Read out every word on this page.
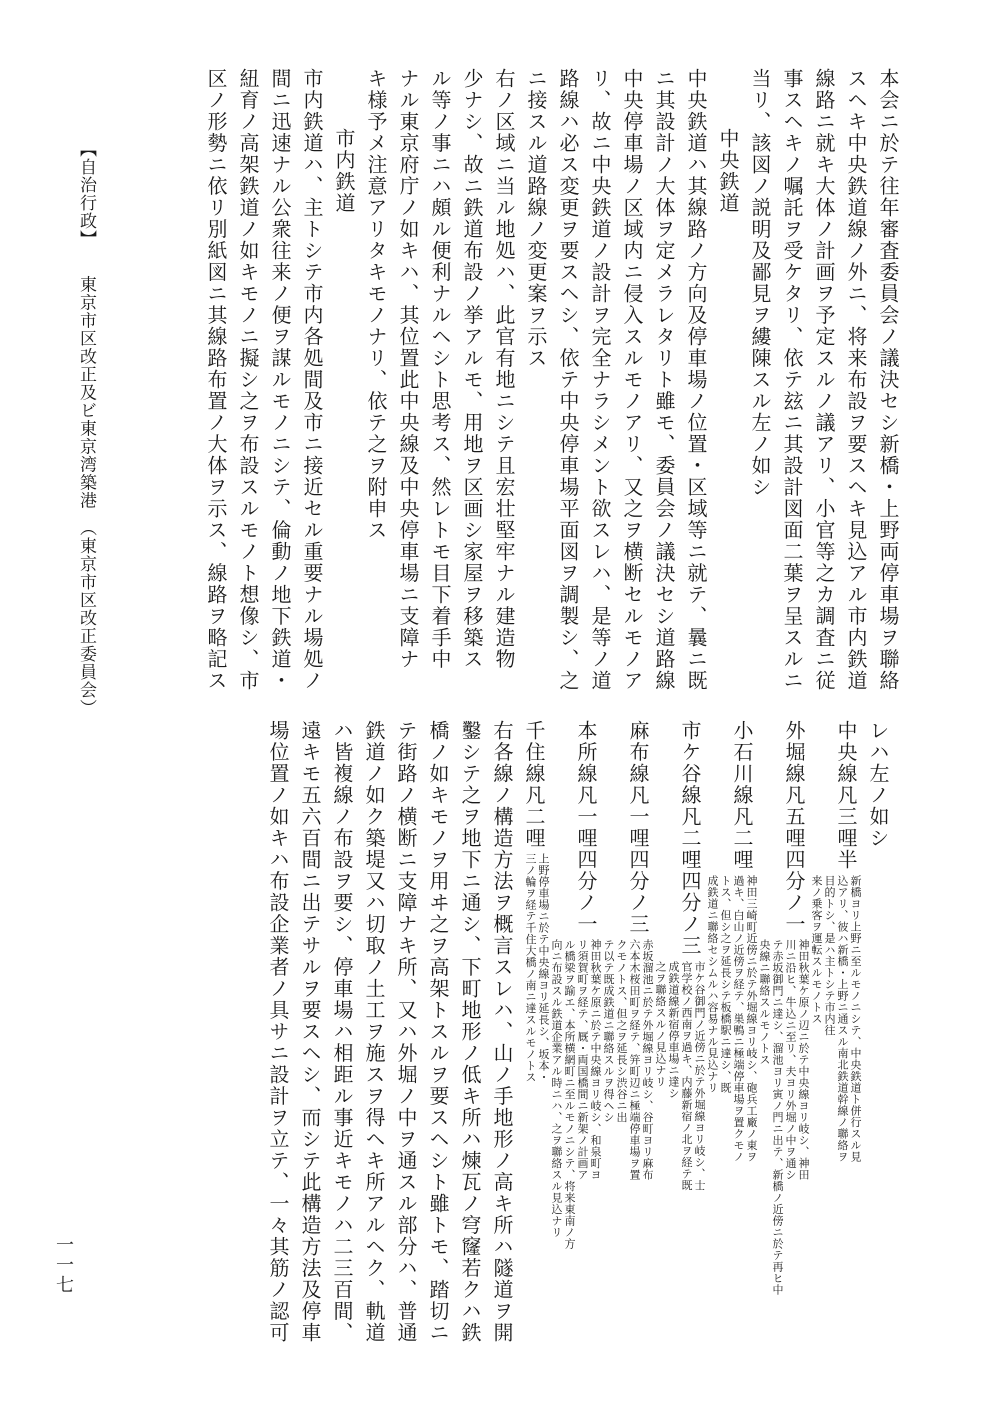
本会ニ於テ往年審査委員会ノ議決セシ新橋・上野両停車場ヲ聯絡
スヘキ中央鉄道線ノ外ニ、将来布設ヲ要スヘキ見込アル市内鉄道
線路ニ就キ大体ノ計画ヲ予定スルノ議アリ、小官等之カ調査ニ従
事スヘキノ嘱託ヲ受ケタリ、依テ玆ニ其設計図面二葉ヲ呈スルニ
当リ、該図ノ説明及鄙見ヲ縷陳スル左ノ如シ
中央鉄道
中央鉄道ハ其線路ノ方向及停車場ノ位置・区域等ニ就テ、曩ニ既
ニ其設計ノ大体ヲ定メラレタリト雖モ、委員会ノ議決セシ道路線
中央停車場ノ区域内ニ侵入スルモノアリ、又之ヲ横断セルモノア
リ、故ニ中央鉄道ノ設計ヲ完全ナラシメント欲スレハ、是等ノ道
路線ハ必ス変更ヲ要スヘシ、依テ中央停車場平面図ヲ調製シ、之
ニ接スル道路線ノ変更案ヲ示ス
右ノ区域ニ当ル地処ハ、此官有地ニシテ且宏壮堅牢ナル建造物
少ナシ、故ニ鉄道布設ノ挙アルモ、用地ヲ区画シ家屋ヲ移築ス
ル等ノ事ニハ頗ル便利ナルヘシト思考ス、然レトモ目下着手中
ナル東京府庁ノ如キハ、其位置此中央線及中央停車場ニ支障ナ
キ様予メ注意アリタキモノナリ、依テ之ヲ附申ス
市内鉄道
市内鉄道ハ、主トシテ市内各処間及市ニ接近セル重要ナル場処ノ
間ニ迅速ナル公衆往来ノ便ヲ謀ルモノニシテ、倫動ノ地下鉄道・
紐育ノ高架鉄道ノ如キモノニ擬シ之ヲ布設スルモノト想像シ、市
区ノ形勢ニ依リ別紙図ニ其線路布置ノ大体ヲ示ス、線路ヲ略記ス
レハ左ノ如シ
中央線凡三哩半
新橋ヨリ上野ニ至ルモノニシテ、中央鉄道ト併行スル見
込アリ、彼ハ新橋・上野ニ通スル南北鉄道幹線ノ聯絡ヲ
目的トシ、是ハ主トシテ市内往
来ノ乗客ヲ運転スルモノトス
外堀線凡五哩四分ノ一
神田秋葉ケ原ノ辺ニ於テ中央線ヨリ岐シ、神田
川ニ沿ヒ、牛込ニ至リ、夫ヨリ外堀ノ中ヲ通シ
テ赤坂御門ニ達シ、溜池ヨリ寅ノ門ニ出テ、新橋ノ近傍ニ於テ再ヒ中
央線ニ聯絡スルモノトス
小石川線凡二哩
神田三崎町近傍ニ於テ外堀線ヨリ岐シ、砲兵工廠ノ東ヲ
過キ、白山ノ近傍ヲ経テ、巣鴨ニ極端停車場ヲ置クモノ
トス、但シ之ヲ延長シテ板橋駅ニ達シ、既
成鉄道ニ聯絡セシムルハ容易ナル見込ナリ
市ケ谷線凡二哩四分ノ三
市ケ谷御門ノ近傍ニ於テ外堀線ヨリ岐シ、士
官学校ノ西南ヲ過キ、内藤新宿ノ北ヲ経テ既
成鉄道線新宿停車場ニ達シ
之ヲ聯絡スルノ見込ナリ
麻布線凡一哩四分ノ三
赤坂溜池ニ於テ外堀線ヨリ岐シ、谷町ヨリ麻布
六本木桜田町ヲ経テ、笄町辺ニ極端停車場ヲ置
クモノトス、但之ヲ延長シ渋谷ニ出
テ以テ既成鉄道ニ聯絡スルヲ得ヘシ
本所線凡一哩四分ノ一
神田秋葉ケ原ニ於テ中央線ヨリ岐シ、和泉町ヨ
リ須賀町ヲ経テ、厩・両国橋間ニ新架ノ計画ア
ル橋梁ヲ踰エ、本所横網町ニ至ルモノニシテ、将来東南ノ方
向ニ布設スル鉄道企業アル時ニハ、之ヲ聯絡スル見込ナリ
千住線凡二哩
上野停車場ニ於テ中央線ヨリ延長シ、坂本・
三ノ輪ヲ経テ千住大橋ノ南ニ達スルモノトス
右各線ノ構造方法ヲ概言スレハ、山ノ手地形ノ高キ所ハ隧道ヲ開
鑿シテ之ヲ地下ニ通シ、下町地形ノ低キ所ハ煉瓦ノ穹窿若クハ鉄
橋ノ如キモノヲ用ヰ之ヲ高架トスルヲ要スヘシト雖トモ、踏切ニ
テ街路ノ横断ニ支障ナキ所、又ハ外堀ノ中ヲ通スル部分ハ、普通
鉄道ノ如ク築堤又ハ切取ノ土工ヲ施スヲ得ヘキ所アルヘク、軌道
ハ皆複線ノ布設ヲ要シ、停車場ハ相距ル事近キモノハ二三百間、
遠キモ五六百間ニ出テサルヲ要スヘシ、而シテ此構造方法及停車
場位置ノ如キハ布設企業者ノ具サニ設計ヲ立テ、一々其筋ノ認可
【自治行政】　　東京市区改正及ビ東京湾築港　（東京市区改正委員会）
一一七
